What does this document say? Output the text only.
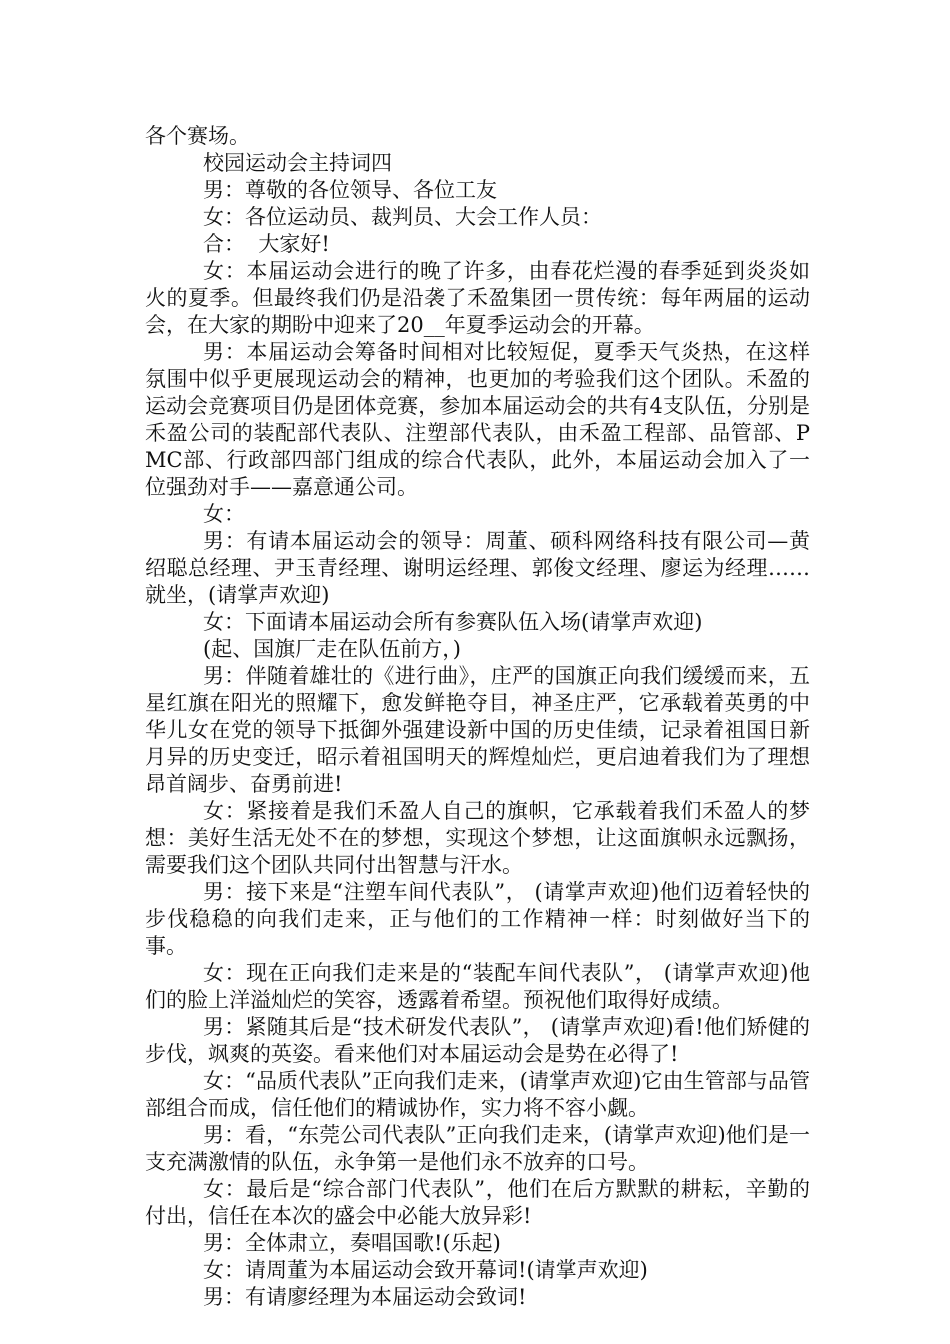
各个赛场。

校园运动会主持词四

男：尊敬的各位领导、各位工友

女：各位运动员、裁判员、大会工作人员：

合：  大家好!

女：本届运动会进行的晚了许多，由春花烂漫的春季延到炎炎如火的夏季。但最终我们仍是沿袭了禾盈集团一贯传统：每年两届的运动会，在大家的期盼中迎来了20__年夏季运动会的开幕。

男：本届运动会筹备时间相对比较短促，夏季天气炎热，在这样氛围中似乎更展现运动会的精神，也更加的考验我们这个团队。禾盈的运动会竞赛项目仍是团体竞赛，参加本届运动会的共有4支队伍，分别是禾盈公司的装配部代表队、注塑部代表队，由禾盈工程部、品管部、PMC部、行政部四部门组成的综合代表队，此外，本届运动会加入了一位强劲对手——嘉意通公司。

女：

男：有请本届运动会的领导：周董、硕科网络科技有限公司—黄绍聪总经理、尹玉青经理、谢明运经理、郭俊文经理、廖运为经理……就坐，(请掌声欢迎)

女：下面请本届运动会所有参赛队伍入场(请掌声欢迎)

(起、国旗厂走在队伍前方，)

男：伴随着雄壮的《进行曲》，庄严的国旗正向我们缓缓而来，五星红旗在阳光的照耀下，愈发鲜艳夺目，神圣庄严，它承载着英勇的中华儿女在党的领导下抵御外强建设新中国的历史佳绩，记录着祖国日新月异的历史变迁，昭示着祖国明天的辉煌灿烂，更启迪着我们为了理想昂首阔步、奋勇前进!

女：紧接着是我们禾盈人自己的旗帜，它承载着我们禾盈人的梦想：美好生活无处不在的梦想，实现这个梦想，让这面旗帜永远飘扬，需要我们这个团队共同付出智慧与汗水。

男：接下来是“注塑车间代表队”， (请掌声欢迎)他们迈着轻快的步伐稳稳的向我们走来，正与他们的工作精神一样：时刻做好当下的事。

女：现在正向我们走来是的“装配车间代表队”， (请掌声欢迎)他们的脸上洋溢灿烂的笑容，透露着希望。预祝他们取得好成绩。

男：紧随其后是“技术研发代表队”， (请掌声欢迎)看!他们矫健的步伐，飒爽的英姿。看来他们对本届运动会是势在必得了!

女：“品质代表队”正向我们走来，(请掌声欢迎)它由生管部与品管部组合而成，信任他们的精诚协作，实力将不容小觑。

男：看，“东莞公司代表队”正向我们走来，(请掌声欢迎)他们是一支充满激情的队伍，永争第一是他们永不放弃的口号。

女：最后是“综合部门代表队”，他们在后方默默的耕耘，辛勤的付出，信任在本次的盛会中必能大放异彩!

男：全体肃立，奏唱国歌!(乐起)

女：请周董为本届运动会致开幕词!(请掌声欢迎)

男：有请廖经理为本届运动会致词!
